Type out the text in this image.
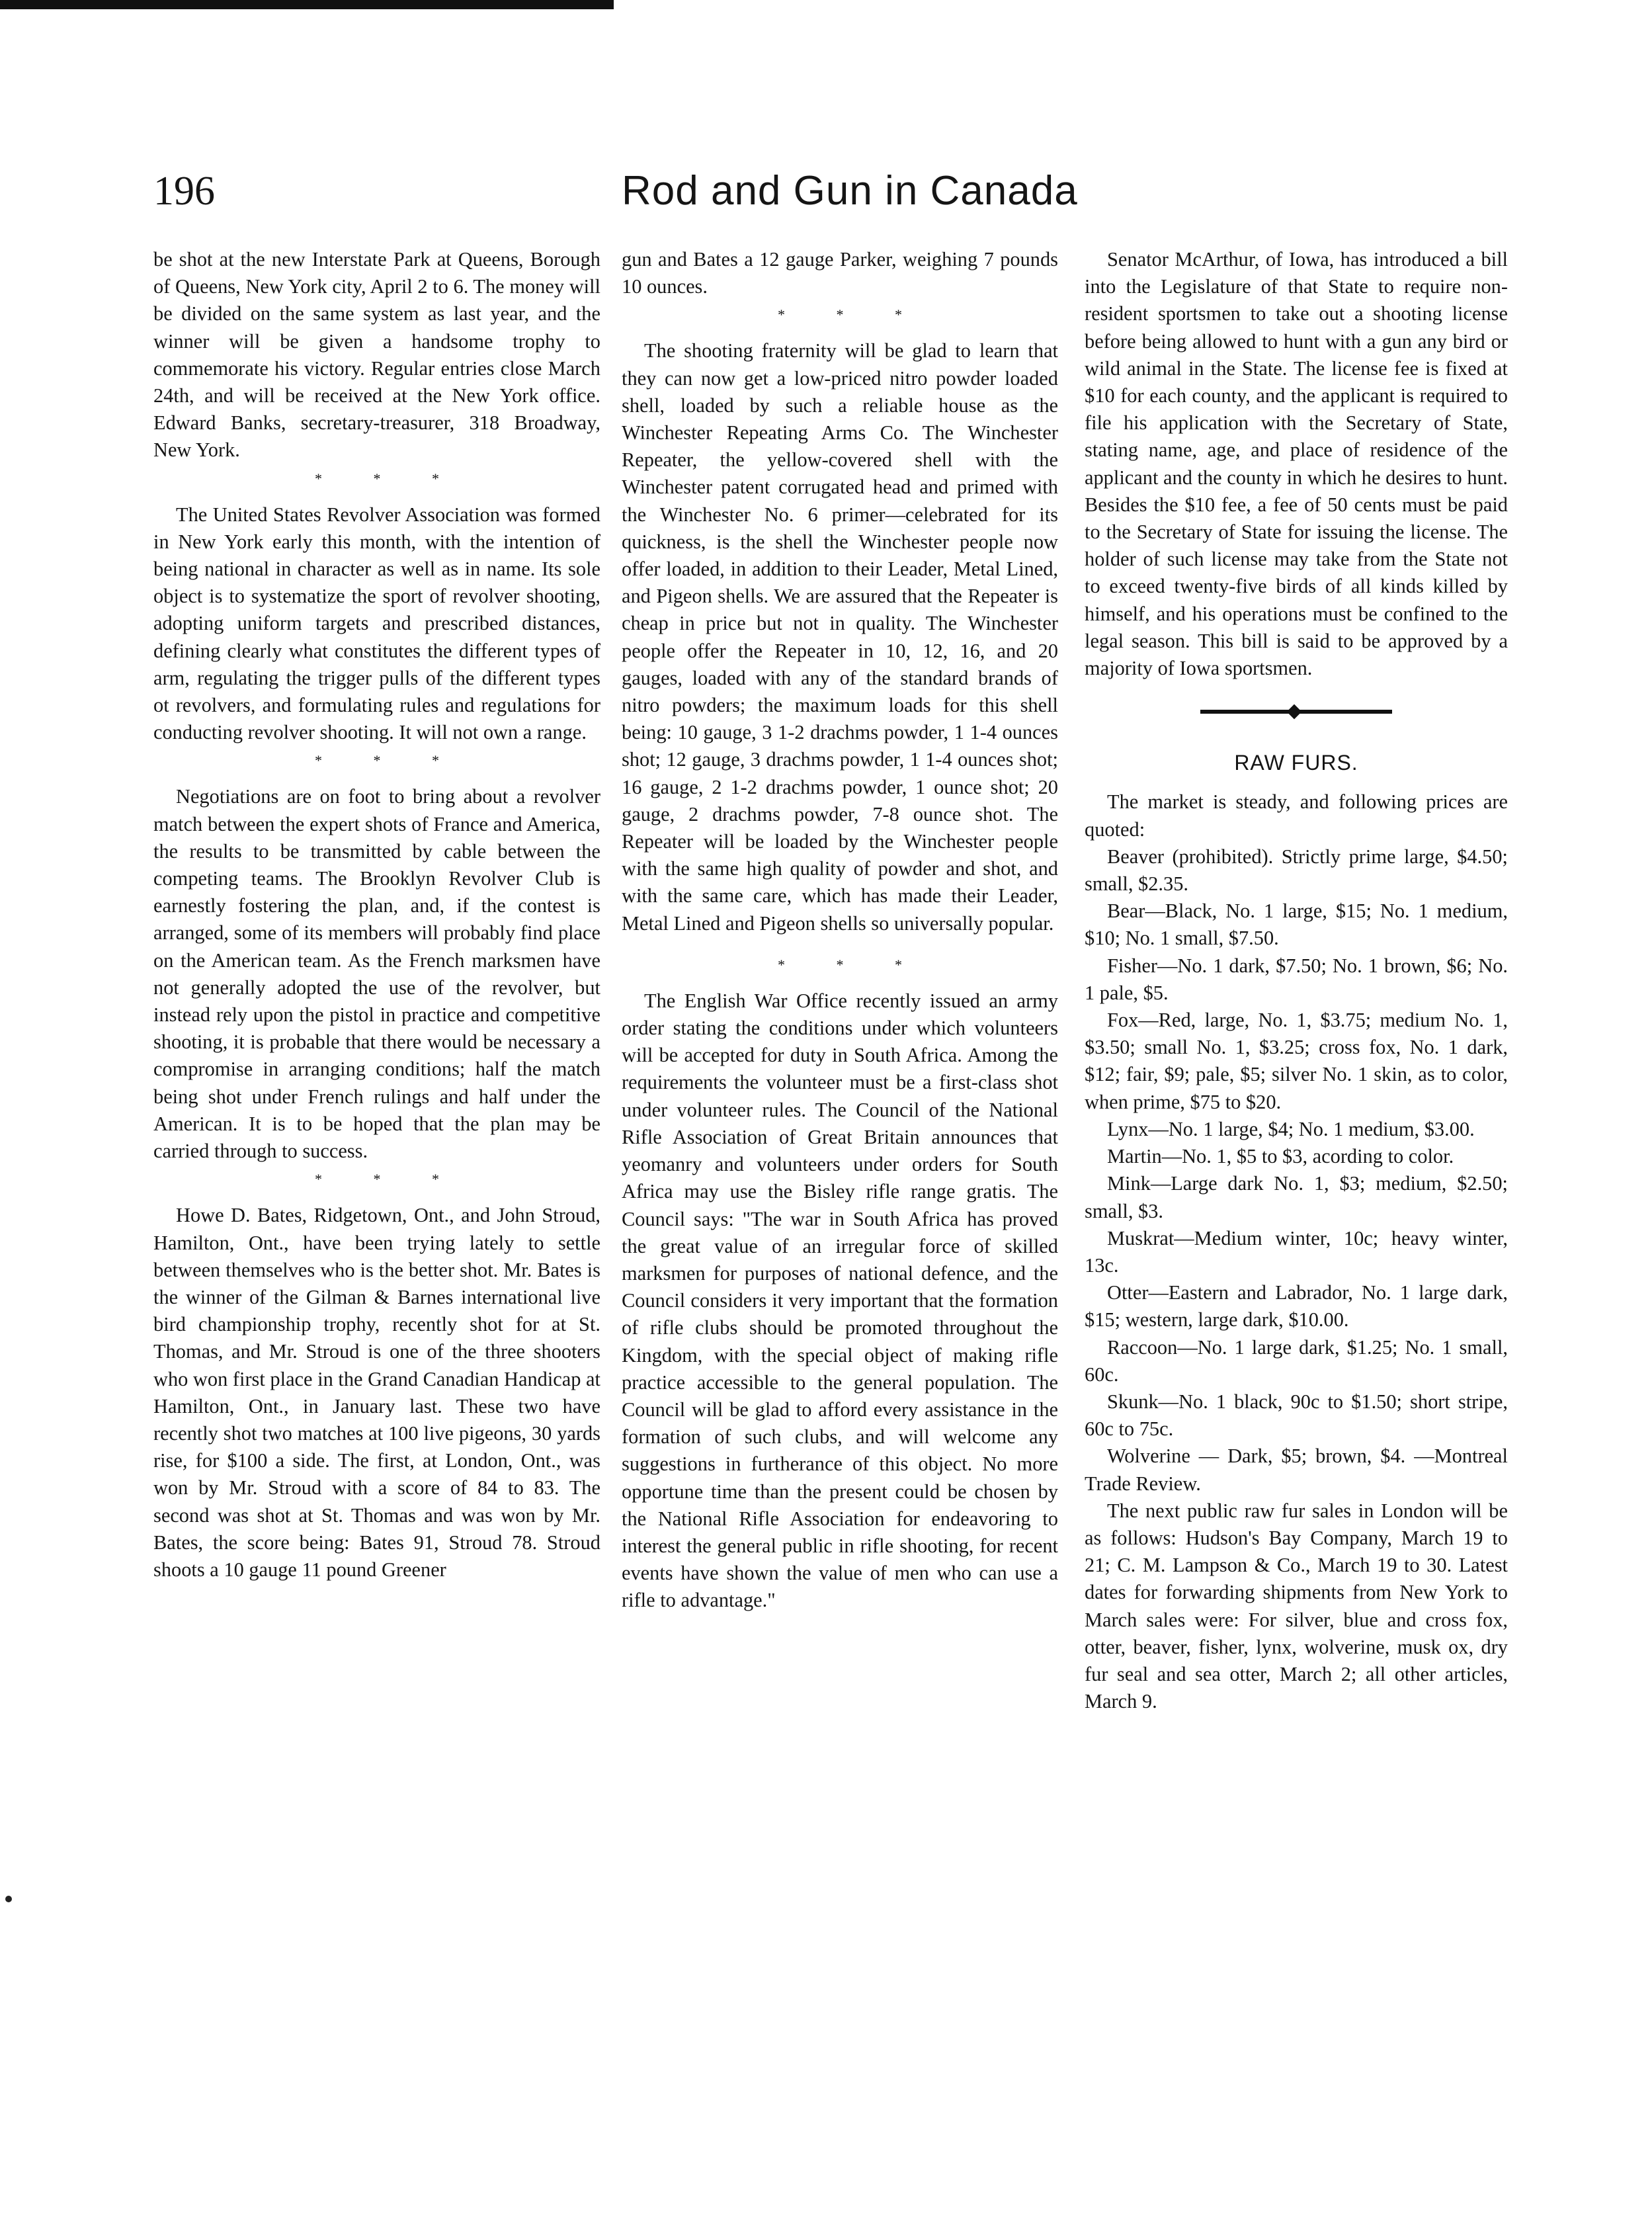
196	Rod and Gun in Canada

be shot at the new Interstate Park at Queens, Borough of Queens, New York city, April 2 to 6. The money will be divided on the same system as last year, and the winner will be given a handsome trophy to commemorate his victory. Regular entries close March 24th, and will be received at the New York office. Edward Banks, secretary-treasurer, 318 Broadway, New York.

* * *

The United States Revolver Association was formed in New York early this month, with the intention of being national in character as well as in name. Its sole object is to systematize the sport of revolver shooting, adopting uniform targets and prescribed distances, defining clearly what constitutes the different types of arm, regulating the trigger pulls of the different types ot revolvers, and formulating rules and regulations for conducting revolver shooting. It will not own a range.

* * *

Negotiations are on foot to bring about a revolver match between the expert shots of France and America, the results to be transmitted by cable between the competing teams. The Brooklyn Revolver Club is earnestly fostering the plan, and, if the contest is arranged, some of its members will probably find place on the American team. As the French marksmen have not generally adopted the use of the revolver, but instead rely upon the pistol in practice and competitive shooting, it is probable that there would be necessary a compromise in arranging conditions; half the match being shot under French rulings and half under the American. It is to be hoped that the plan may be carried through to success.

* * *

Howe D. Bates, Ridgetown, Ont., and John Stroud, Hamilton, Ont., have been trying lately to settle between themselves who is the better shot. Mr. Bates is the winner of the Gilman & Barnes international live bird championship trophy, recently shot for at St. Thomas, and Mr. Stroud is one of the three shooters who won first place in the Grand Canadian Handicap at Hamilton, Ont., in January last. These two have recently shot two matches at 100 live pigeons, 30 yards rise, for $100 a side. The first, at London, Ont., was won by Mr. Stroud with a score of 84 to 83. The second was shot at St. Thomas and was won by Mr. Bates, the score being: Bates 91, Stroud 78. Stroud shoots a 10 gauge 11 pound Greener

gun and Bates a 12 gauge Parker, weighing 7 pounds 10 ounces.

* * *

The shooting fraternity will be glad to learn that they can now get a low-priced nitro powder loaded shell, loaded by such a reliable house as the Winchester Repeating Arms Co. The Winchester Repeater, the yellow-covered shell with the Winchester patent corrugated head and primed with the Winchester No. 6 primer—celebrated for its quickness, is the shell the Winchester people now offer loaded, in addition to their Leader, Metal Lined, and Pigeon shells. We are assured that the Repeater is cheap in price but not in quality. The Winchester people offer the Repeater in 10, 12, 16, and 20 gauges, loaded with any of the standard brands of nitro powders; the maximum loads for this shell being: 10 gauge, 3 1-2 drachms powder, 1 1-4 ounces shot; 12 gauge, 3 drachms powder, 1 1-4 ounces shot; 16 gauge, 2 1-2 drachms powder, 1 ounce shot; 20 gauge, 2 drachms powder, 7-8 ounce shot. The Repeater will be loaded by the Winchester people with the same high quality of powder and shot, and with the same care, which has made their Leader, Metal Lined and Pigeon shells so universally popular.

* * *

The English War Office recently issued an army order stating the conditions under which volunteers will be accepted for duty in South Africa. Among the requirements the volunteer must be a first-class shot under volunteer rules. The Council of the National Rifle Association of Great Britain announces that yeomanry and volunteers under orders for South Africa may use the Bisley rifle range gratis. The Council says: "The war in South Africa has proved the great value of an irregular force of skilled marksmen for purposes of national defence, and the Council considers it very important that the formation of rifle clubs should be promoted throughout the Kingdom, with the special object of making rifle practice accessible to the general population. The Council will be glad to afford every assistance in the formation of such clubs, and will welcome any suggestions in furtherance of this object. No more opportune time than the present could be chosen by the National Rifle Association for endeavoring to interest the general public in rifle shooting, for recent events have shown the value of men who can use a rifle to advantage."

Senator McArthur, of Iowa, has introduced a bill into the Legislature of that State to require non-resident sportsmen to take out a shooting license before being allowed to hunt with a gun any bird or wild animal in the State. The license fee is fixed at $10 for each county, and the applicant is required to file his application with the Secretary of State, stating name, age, and place of residence of the applicant and the county in which he desires to hunt. Besides the $10 fee, a fee of 50 cents must be paid to the Secretary of State for issuing the license. The holder of such license may take from the State not to exceed twenty-five birds of all kinds killed by himself, and his operations must be confined to the legal season. This bill is said to be approved by a majority of Iowa sportsmen.

RAW FURS.

The market is steady, and following prices are quoted:

Beaver (prohibited). Strictly prime large, $4.50; small, $2.35.

Bear—Black, No. 1 large, $15; No. 1 medium, $10; No. 1 small, $7.50.

Fisher—No. 1 dark, $7.50; No. 1 brown, $6; No. 1 pale, $5.

Fox—Red, large, No. 1, $3.75; medium No. 1, $3.50; small No. 1, $3.25; cross fox, No. 1 dark, $12; fair, $9; pale, $5; silver No. 1 skin, as to color, when prime, $75 to $20.

Lynx—No. 1 large, $4; No. 1 medium, $3.00.

Martin—No. 1, $5 to $3, acording to color.

Mink—Large dark No. 1, $3; medium, $2.50; small, $3.

Muskrat—Medium winter, 10c; heavy winter, 13c.

Otter—Eastern and Labrador, No. 1 large dark, $15; western, large dark, $10.00.

Raccoon—No. 1 large dark, $1.25; No. 1 small, 60c.

Skunk—No. 1 black, 90c to $1.50; short stripe, 60c to 75c.

Wolverine — Dark, $5; brown, $4. —Montreal Trade Review.

The next public raw fur sales in London will be as follows: Hudson's Bay Company, March 19 to 21; C. M. Lampson & Co., March 19 to 30. Latest dates for forwarding shipments from New York to March sales were: For silver, blue and cross fox, otter, beaver, fisher, lynx, wolverine, musk ox, dry fur seal and sea otter, March 2; all other articles, March 9.
